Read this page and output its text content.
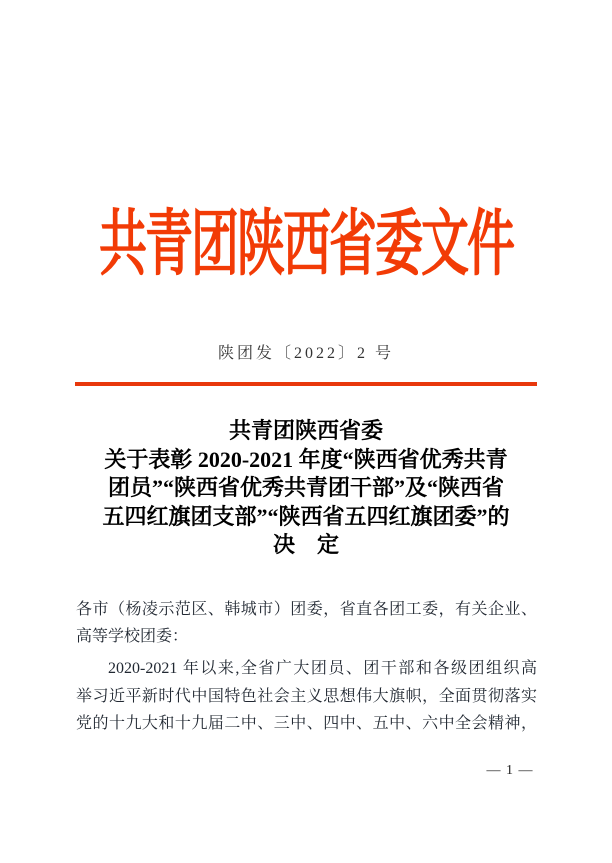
共青团陕西省委文件
陕团发〔2022〕2 号
共青团陕西省委
关于表彰 2020-2021 年度“陕西省优秀共青
团员”“陕西省优秀共青团干部”及“陕西省
五四红旗团支部”“陕西省五四红旗团委”的
决　定
各市（杨凌示范区、韩城市）团委，省直各团工委，有关企业、
高等学校团委：
2020-2021 年以来,全省广大团员、团干部和各级团组织高
举习近平新时代中国特色社会主义思想伟大旗帜，全面贯彻落实
党的十九大和十九届二中、三中、四中、五中、六中全会精神，
— 1 —
